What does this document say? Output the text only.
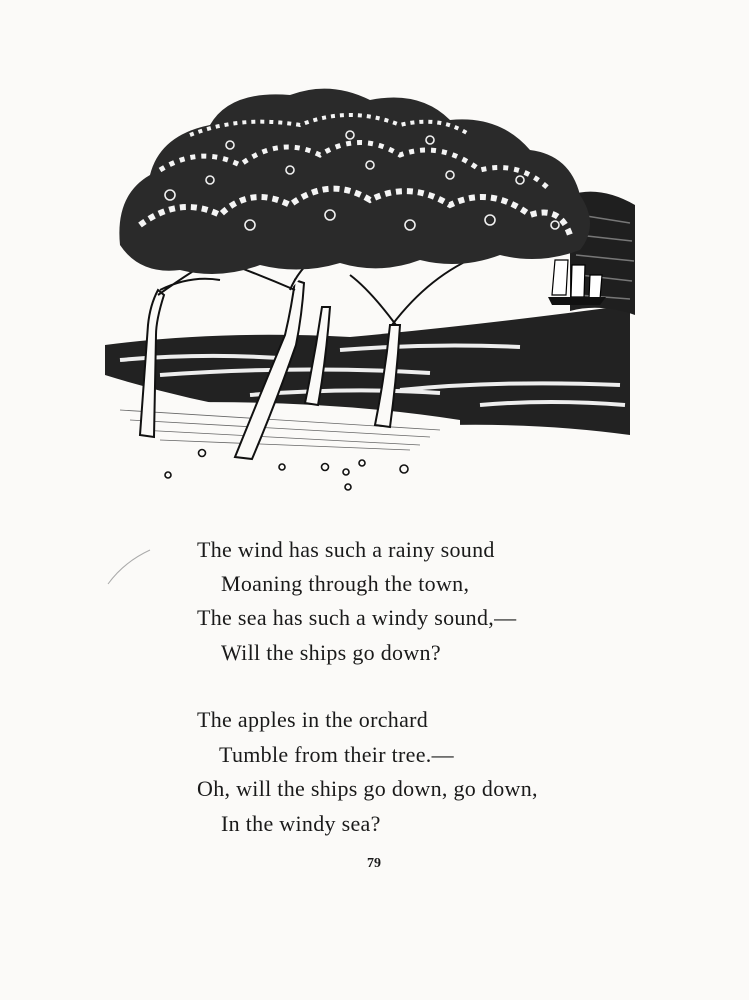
The wind has such a rainy sound
Moaning through the town,
The sea has such a windy sound,—
Will the ships go down?
The apples in the orchard
Tumble from their tree.—
Oh, will the ships go down, go down,
In the windy sea?
79
